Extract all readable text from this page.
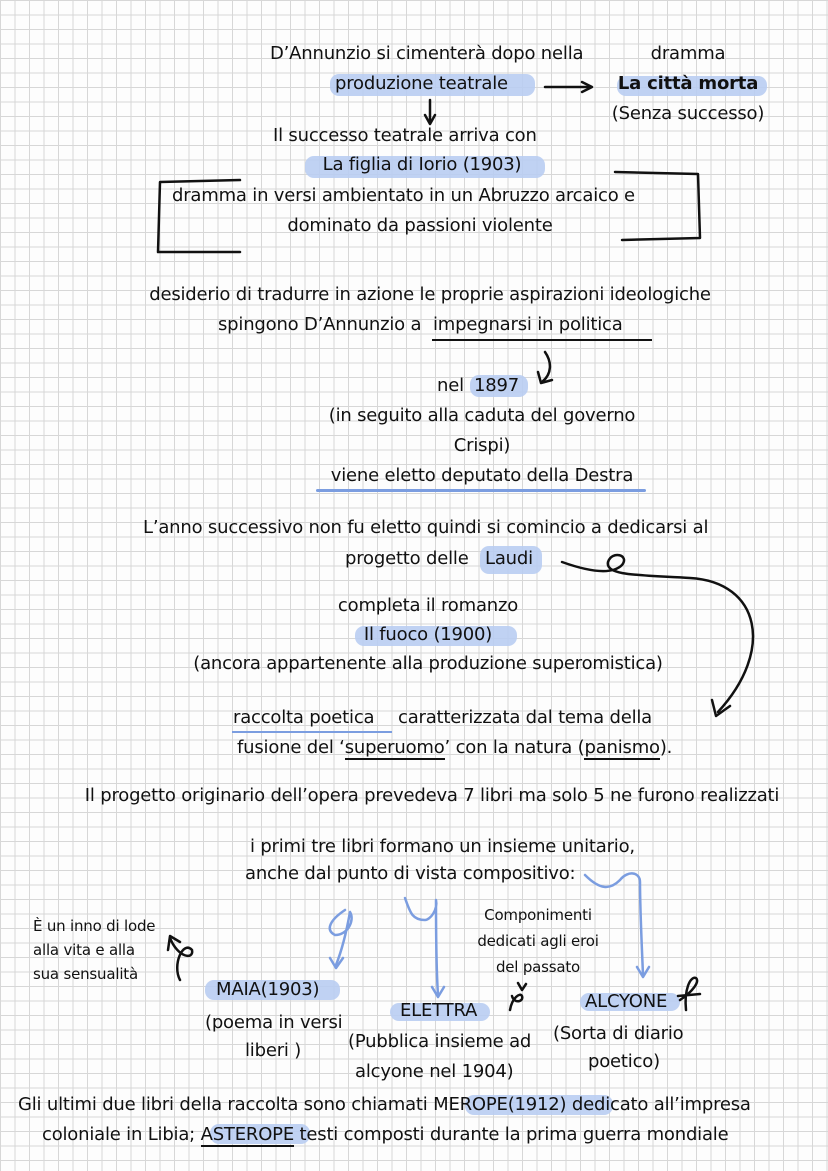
D’Annunzio si cimenterà dopo nella
produzione teatrale
dramma
La città morta
(Senza successo)
Il successo teatrale arriva con
La figlia di Iorio (1903)
dramma in versi ambientato in un Abruzzo arcaico e
dominato da passioni violente
desiderio di tradurre in azione le proprie aspirazioni ideologiche
spingono D’Annunzio a impegnarsi in politica
nel 1897
(in seguito alla caduta del governo
Crispi)
viene eletto deputato della Destra
L’anno successivo non fu eletto quindi si comincio a dedicarsi al
progetto delle Laudi
completa il romanzo
Il fuoco (1900)
(ancora appartenente alla produzione superomistica)
raccolta poetica caratterizzata dal tema della
fusione del ‘superuomo’ con la natura (panismo).
Il progetto originario dell’opera prevedeva 7 libri ma solo 5 ne furono realizzati
i primi tre libri formano un insieme unitario,
anche dal punto di vista compositivo:
È un inno di lode
alla vita e alla
sua sensualità
MAIA(1903)
(poema in versi
liberi )
Componimenti
dedicati agli eroi
del passato
ELETTRA
(Pubblica insieme ad
alcyone nel 1904)
ALCYONE
(Sorta di diario
poetico)
Gli ultimi due libri della raccolta sono chiamati MEROPE(1912) dedicato all’impresa
coloniale in Libia; ASTEROPE testi composti durante la prima guerra mondiale
